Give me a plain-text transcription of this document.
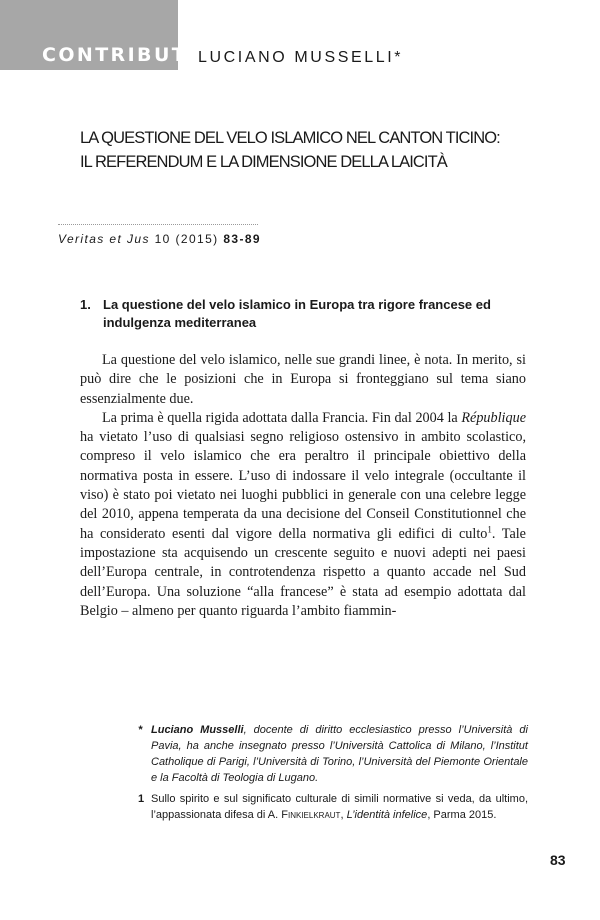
CONTRIBUTI LUCIANO MUSSELLI*
LA QUESTIONE DEL VELO ISLAMICO NEL CANTON TICINO:
IL REFERENDUM E LA DIMENSIONE DELLA LAICITÀ
Veritas et Jus 10 (2015) 83-89
1. La questione del velo islamico in Europa tra rigore francese ed indulgenza mediterranea

La questione del velo islamico, nelle sue grandi linee, è nota. In merito, si può dire che le posizioni che in Europa si fronteggiano sul tema siano essenzialmente due.

La prima è quella rigida adottata dalla Francia. Fin dal 2004 la République ha vietato l’uso di qualsiasi segno religioso ostensivo in ambito scolastico, compreso il velo islamico che era peraltro il principale obiettivo della normativa posta in essere. L’uso di indossare il velo integrale (occultante il viso) è stato poi vietato nei luoghi pubblici in generale con una celebre legge del 2010, appena temperata da una decisione del Conseil Constitutionnel che ha considerato esenti dal vigore della normativa gli edifici di culto$^1$. Tale impostazione sta acquisendo un crescente seguito e nuovi adepti nei paesi dell’Europa centrale, in controtendenza rispetto a quanto accade nel Sud dell’Europa. Una soluzione “alla francese” è stata ad esempio adottata dal Belgio – almeno per quanto riguarda l’ambito fiammin-

* Luciano Musselli, docente di diritto ecclesiastico presso l’Università di Pavia, ha anche insegnato presso l’Università Cattolica di Milano, l’Institut Catholique di Parigi, l’Università di Torino, l’Università del Piemonte Orientale e la Facoltà di Teologia di Lugano.
1 Sullo spirito e sul significato culturale di simili normative si veda, da ultimo, l’appassionata difesa di A. Finkielkraut, L’identità infelice, Parma 2015.
83
